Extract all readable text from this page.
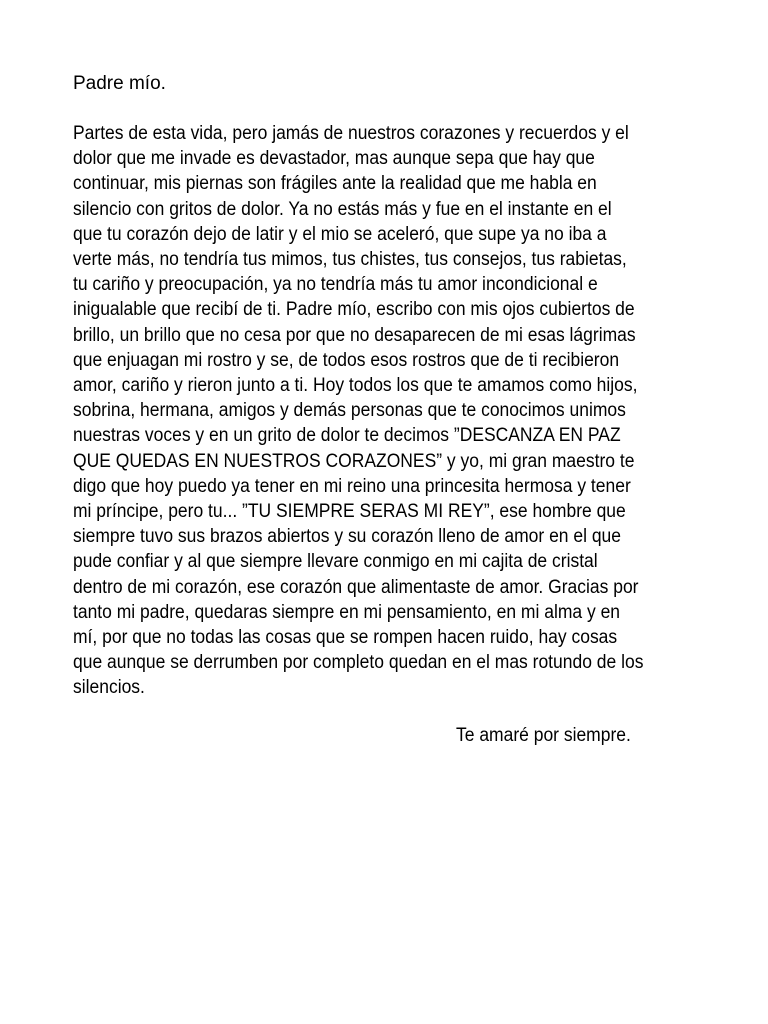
Padre mío.
Partes de esta vida, pero jamás de nuestros corazones y recuerdos y el
dolor que me invade es devastador, mas aunque sepa que hay que
continuar, mis piernas son frágiles ante la realidad que me habla en
silencio con gritos de dolor. Ya no estás más y fue en el instante en el
que tu corazón dejo de latir y el mio se aceleró, que supe ya no iba a
verte más, no tendría tus mimos, tus chistes, tus consejos, tus rabietas,
tu cariño y preocupación, ya no tendría más tu amor incondicional e
inigualable que recibí de ti. Padre mío, escribo con mis ojos cubiertos de
brillo, un brillo que no cesa por que no desaparecen de mi esas lágrimas
que enjuagan mi rostro y se, de todos esos rostros que de ti recibieron
amor, cariño y rieron junto a ti. Hoy todos los que te amamos como hijos,
sobrina, hermana, amigos y demás personas que te conocimos unimos
nuestras voces y en un grito de dolor te decimos ”DESCANZA EN PAZ
QUE QUEDAS EN NUESTROS CORAZONES” y yo, mi gran maestro te
digo que hoy puedo ya tener en mi reino una princesita hermosa y tener
mi príncipe, pero tu... ”TU SIEMPRE SERAS MI REY”, ese hombre que
siempre tuvo sus brazos abiertos y su corazón lleno de amor en el que
pude confiar y al que siempre llevare conmigo en mi cajita de cristal
dentro de mi corazón, ese corazón que alimentaste de amor. Gracias por
tanto mi padre, quedaras siempre en mi pensamiento, en mi alma y en
mí, por que no todas las cosas que se rompen hacen ruido, hay cosas
que aunque se derrumben por completo quedan en el mas rotundo de los
silencios.
Te amaré por siempre.
